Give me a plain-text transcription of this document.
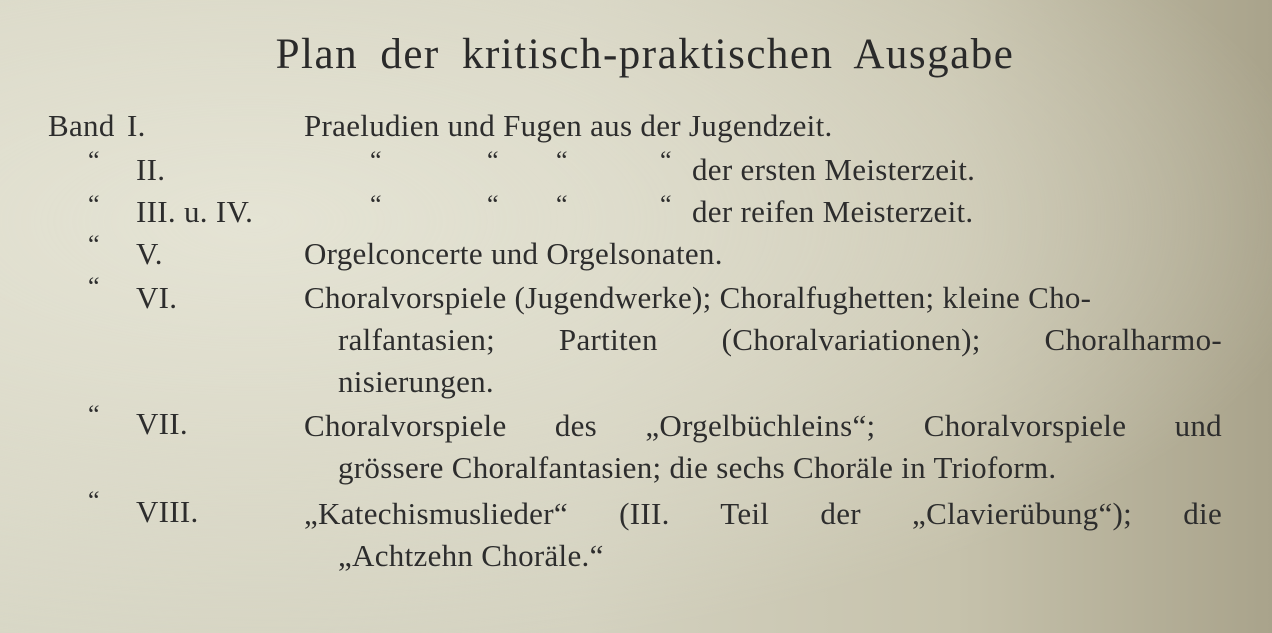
Plan der kritisch-praktischen Ausgabe
Band I.	Praeludien und Fugen aus der Jugendzeit.
“ II.	“	“ “	“ der ersten Meisterzeit.
“ III. u. IV.	“	“ “	“ der reifen Meisterzeit.
“ V.	Orgelconcerte und Orgelsonaten.
“ VI.	Choralvorspiele (Jugendwerke); Choralfughetten; kleine Cho-
ralfantasien; Partiten (Choralvariationen); Choralharmo-
nisierungen.
“ VII.	Choralvorspiele des „Orgelbüchleins“; Choralvorspiele und
grössere Choralfantasien; die sechs Choräle in Trioform.
“ VIII.	„Katechismuslieder“ (III. Teil der „Clavierübung“); die
„Achtzehn Choräle.“
